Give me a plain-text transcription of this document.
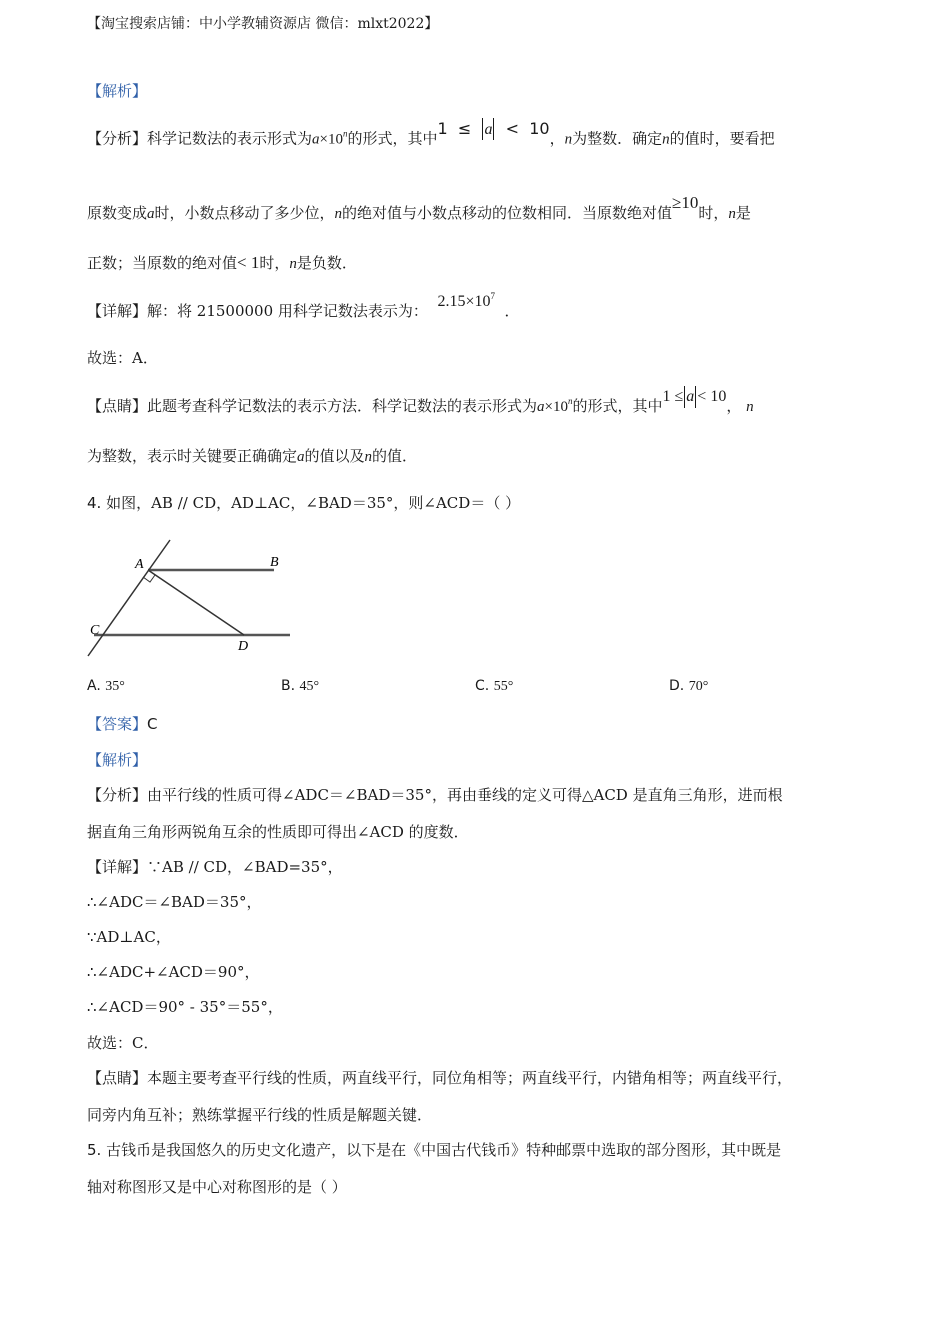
【淘宝搜索店铺：中小学教辅资源店 微信：mlxt2022】
【解析】
【分析】科学记数法的表示形式为$a\times 10^n$的形式，其中1 ≤ a < 10，n为整数．确定n的值时，要看把
原数变成a时，小数点移动了多少位，n的绝对值与小数点移动的位数相同．当原数绝对值≥10时，n是
正数；当原数的绝对值< 1时，n是负数．
【详解】解：将 21500000 用科学记数法表示为：  $2.15\times 10^7$  ．
故选：A．
【点睛】此题考查科学记数法的表示方法．科学记数法的表示形式为$a\times 10^n$的形式，其中1 ≤ a < 10， n
为整数，表示时关键要正确确定a的值以及n的值．
4. 如图，AB // CD，AD⊥AC，∠BAD＝35°，则∠ACD＝（ ）
A	B
C
D
A. 35°	B. 45°	C. 55°	D. 70°
【答案】C
【解析】
【分析】由平行线的性质可得∠ADC＝∠BAD＝35°，再由垂线的定义可得△ACD 是直角三角形，进而根
据直角三角形两锐角互余的性质即可得出∠ACD 的度数．
【详解】∵AB // CD，∠BAD=35°，
∴∠ADC＝∠BAD＝35°，
∵AD⊥AC，
∴∠ADC+∠ACD＝90°，
∴∠ACD＝90° - 35°＝55°，
故选：C．
【点睛】本题主要考查平行线的性质，两直线平行，同位角相等；两直线平行，内错角相等；两直线平行，
同旁内角互补；熟练掌握平行线的性质是解题关键．
5. 古钱币是我国悠久的历史文化遗产，以下是在《中国古代钱币》特种邮票中选取的部分图形，其中既是
轴对称图形又是中心对称图形的是（ ）
